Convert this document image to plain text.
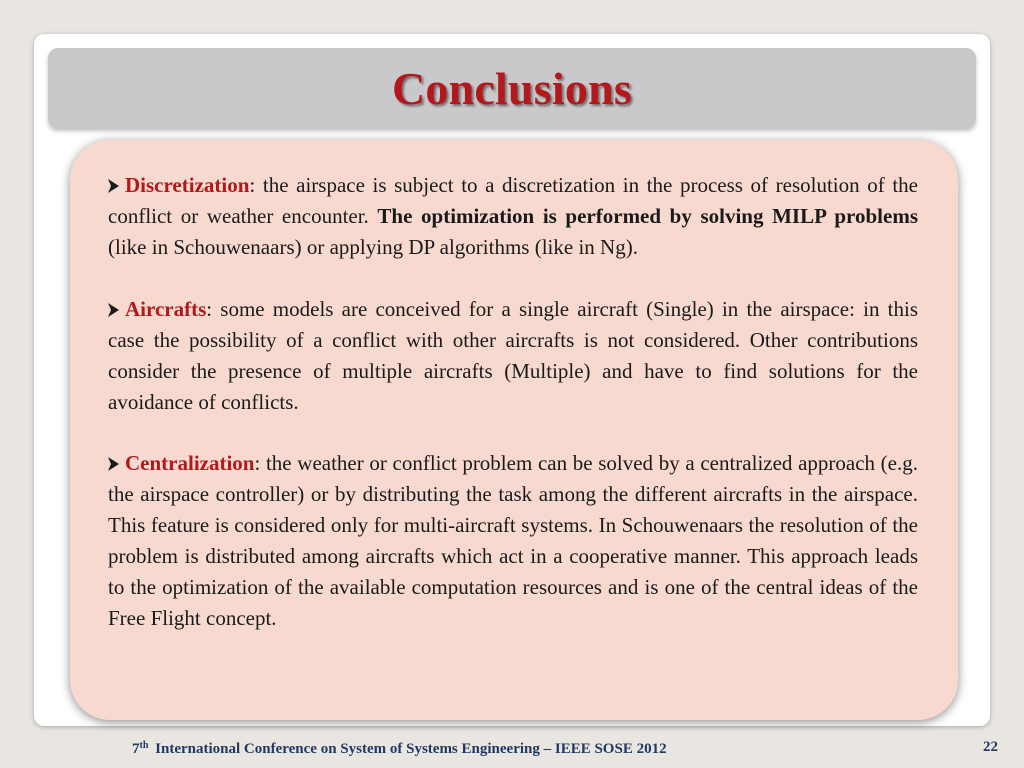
Conclusions

Discretization: the airspace is subject to a discretization in the process of resolution of the conflict or weather encounter. The optimization is performed by solving MILP problems (like in Schouwenaars) or applying DP algorithms (like in Ng).

Aircrafts: some models are conceived for a single aircraft (Single) in the airspace: in this case the possibility of a conflict with other aircrafts is not considered. Other contributions consider the presence of multiple aircrafts (Multiple) and have to find solutions for the avoidance of conflicts.

Centralization: the weather or conflict problem can be solved by a centralized approach (e.g. the airspace controller) or by distributing the task among the different aircrafts in the airspace. This feature is considered only for multi-aircraft systems. In Schouwenaars the resolution of the problem is distributed among aircrafts which act in a cooperative manner. This approach leads to the optimization of the available computation resources and is one of the central ideas of the Free Flight concept.

7th International Conference on System of Systems Engineering – IEEE SOSE 2012	22
